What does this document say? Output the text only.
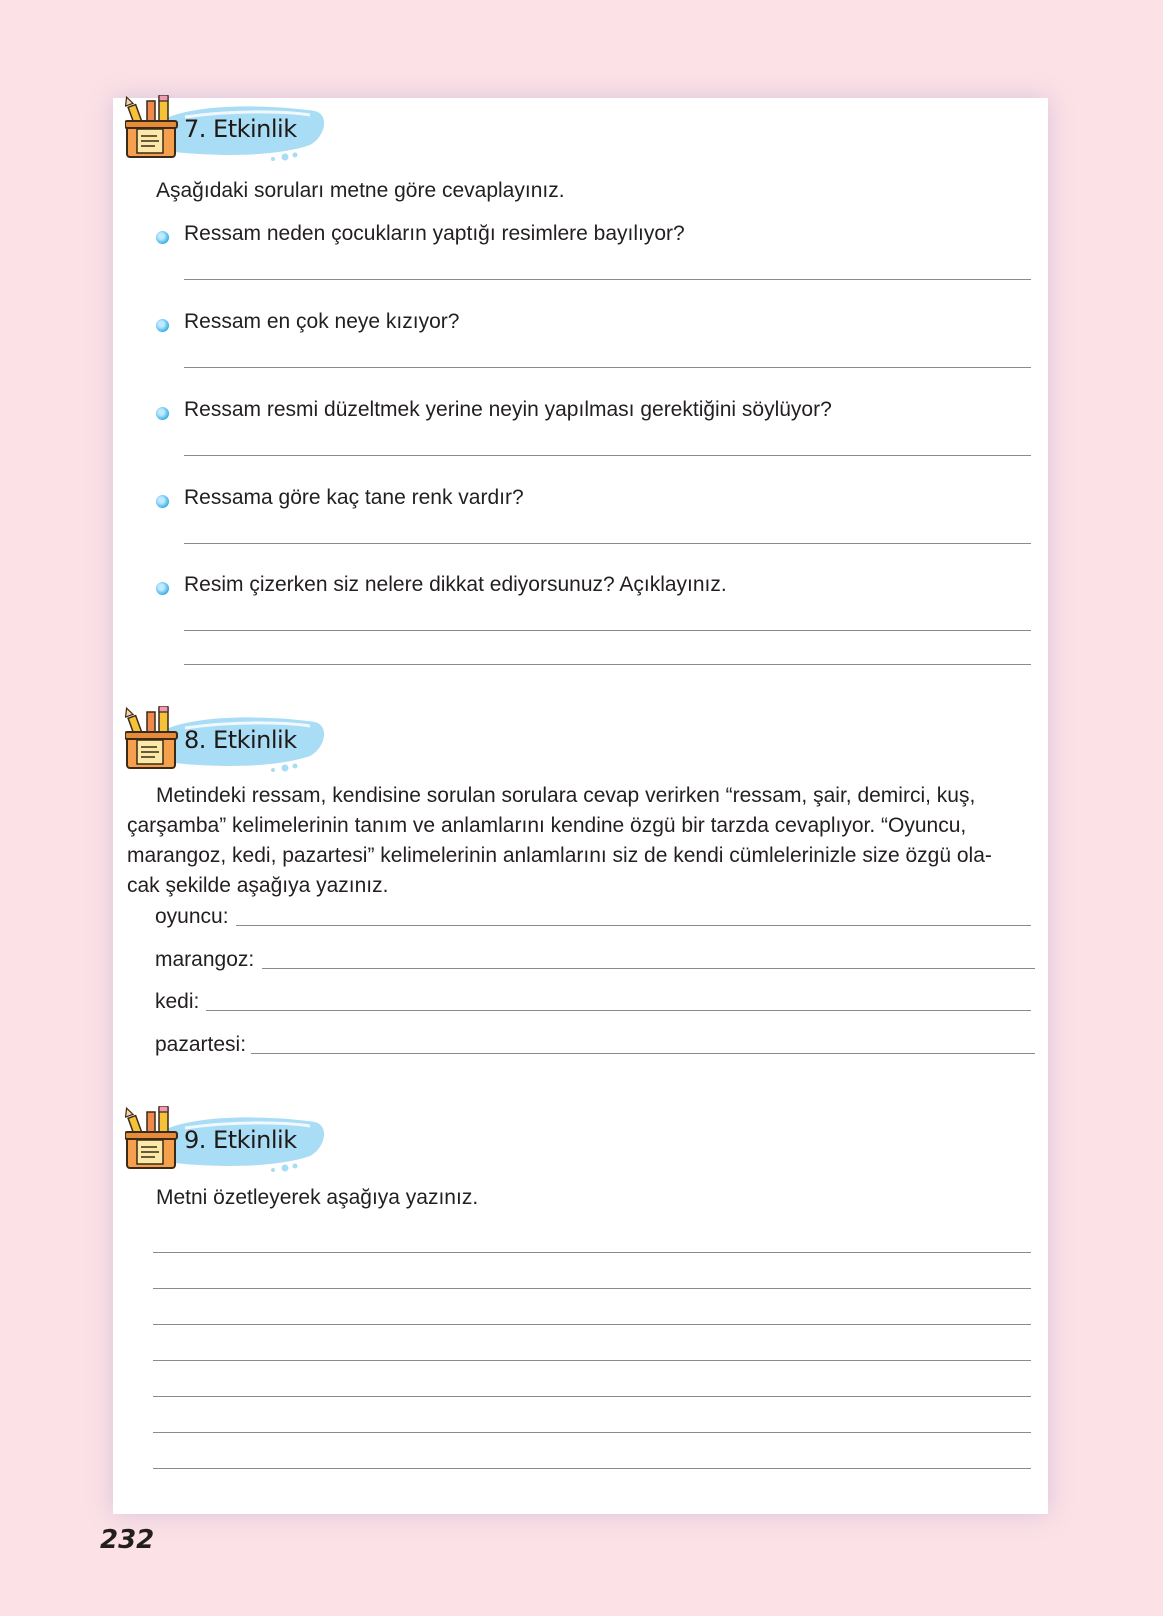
7. Etkinlik
Aşağıdaki soruları metne göre cevaplayınız.
Ressam neden çocukların yaptığı resimlere bayılıyor?
Ressam en çok neye kızıyor?
Ressam resmi düzeltmek yerine neyin yapılması gerektiğini söylüyor?
Ressama göre kaç tane renk vardır?
Resim çizerken siz nelere dikkat ediyorsunuz? Açıklayınız.
8. Etkinlik

Metindeki ressam, kendisine sorulan sorulara cevap verirken “ressam, şair, demirci, kuş,

çarşamba” kelimelerinin tanım ve anlamlarını kendine özgü bir tarzda cevaplıyor. “Oyuncu,

marangoz, kedi, pazartesi” kelimelerinin anlamlarını siz de kendi cümlelerinizle size özgü ola-

cak şekilde aşağıya yazınız.

oyuncu:
marangoz:
kedi:
pazartesi:
9. Etkinlik
Metni özetleyerek aşağıya yazınız.
232
